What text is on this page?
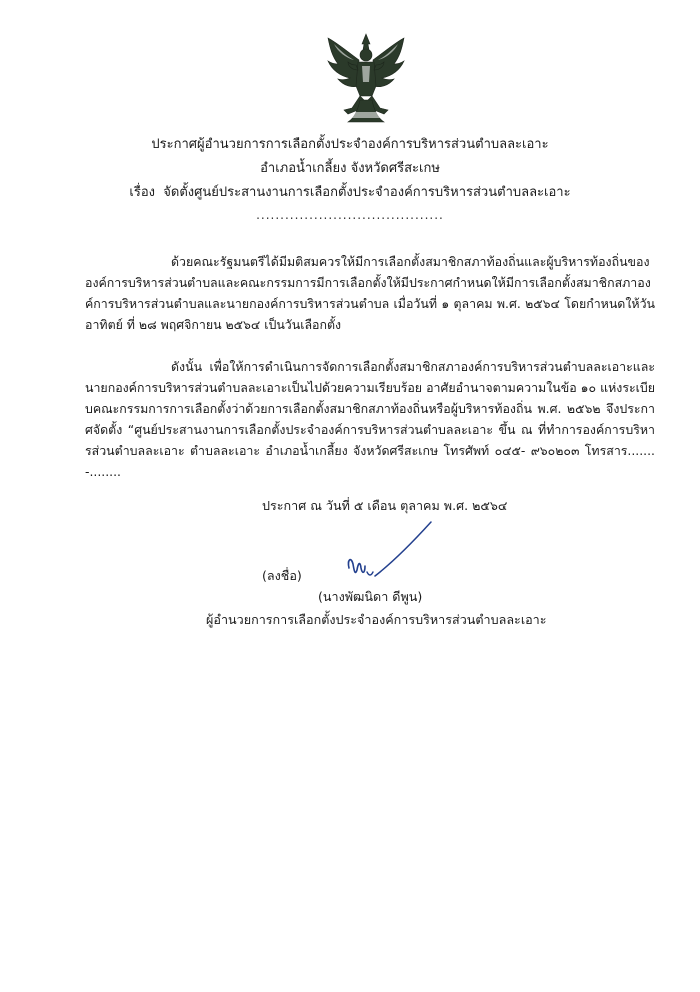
ประกาศผู้อำนวยการการเลือกตั้งประจำองค์การบริหารส่วนตำบลละเอาะ
อำเภอน้ำเกลี้ยง จังหวัดศรีสะเกษ
เรื่อง จัดตั้งศูนย์ประสานงานการเลือกตั้งประจำองค์การบริหารส่วนตำบลละเอาะ
.......................................
ด้วยคณะรัฐมนตรีได้มีมติสมควรให้มีการเลือกตั้งสมาชิกสภาท้องถิ่นและผู้บริหารท้องถิ่นขององค์การบริหารส่วนตำบลและคณะกรรมการมีการเลือกตั้งให้มีประกาศกำหนดให้มีการเลือกตั้งสมาชิกสภาองค์การบริหารส่วนตำบลและนายกองค์การบริหารส่วนตำบล เมื่อวันที่ ๑ ตุลาคม พ.ศ. ๒๕๖๔ โดยกำหนดให้วันอาทิตย์ ที่ ๒๘ พฤศจิกายน ๒๕๖๔ เป็นวันเลือกตั้ง
ดังนั้น เพื่อให้การดำเนินการจัดการเลือกตั้งสมาชิกสภาองค์การบริหารส่วนตำบลละเอาะและนายกองค์การบริหารส่วนตำบลละเอาะเป็นไปด้วยความเรียบร้อย อาศัยอำนาจตามความในข้อ ๑๐ แห่งระเบียบคณะกรรมการการเลือกตั้งว่าด้วยการเลือกตั้งสมาชิกสภาท้องถิ่นหรือผู้บริหารท้องถิ่น พ.ศ. ๒๕๖๒ จึงประกาศจัดตั้ง “ศูนย์ประสานงานการเลือกตั้งประจำองค์การบริหารส่วนตำบลละเอาะ ขึ้น ณ ที่ทำการองค์การบริหารส่วนตำบลละเอาะ ตำบลละเอาะ อำเภอน้ำเกลี้ยง จังหวัดศรีสะเกษ โทรศัพท์ ๐๔๕- ๙๖๐๒๐๓ โทรสาร.......-........
ประกาศ ณ วันที่ ๕ เดือน ตุลาคม พ.ศ. ๒๕๖๔
(ลงชื่อ)
(นางพัฒนิดา ดีพูน)
ผู้อำนวยการการเลือกตั้งประจำองค์การบริหารส่วนตำบลละเอาะ
